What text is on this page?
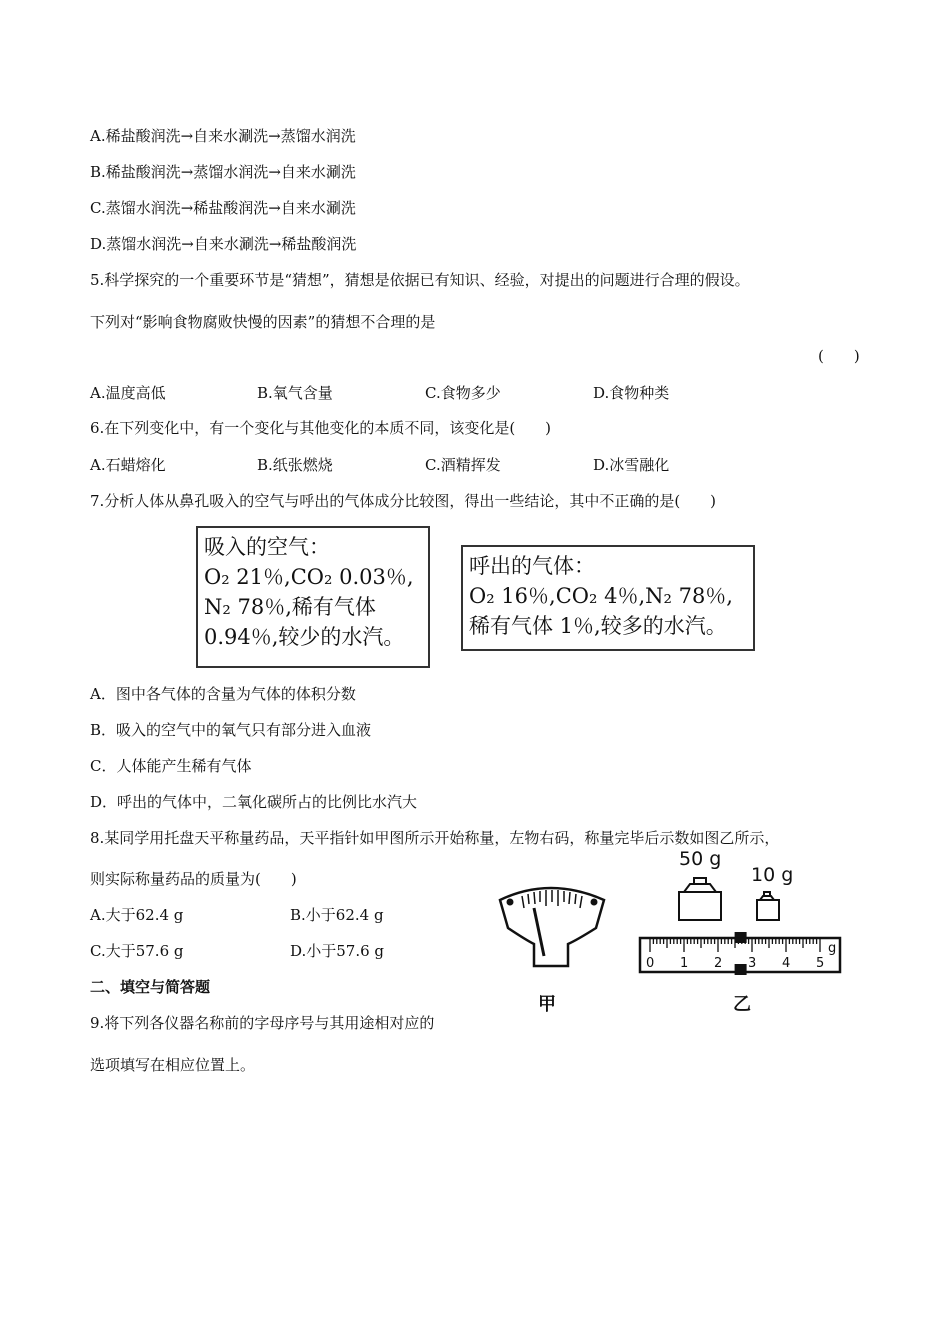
A.稀盐酸润洗→自来水涮洗→蒸馏水润洗
B.稀盐酸润洗→蒸馏水润洗→自来水涮洗
C.蒸馏水润洗→稀盐酸润洗→自来水涮洗
D.蒸馏水润洗→自来水涮洗→稀盐酸润洗
5.科学探究的一个重要环节是“猜想”，猜想是依据已有知识、经验，对提出的问题进行合理的假设。
下列对“影响食物腐败快慢的因素”的猜想不合理的是
(　　)
A.温度高低	B.氧气含量	C.食物多少	D.食物种类
6.在下列变化中，有一个变化与其他变化的本质不同，该变化是(　　)
A.石蜡熔化	B.纸张燃烧	C.酒精挥发	D.冰雪融化
7.分析人体从鼻孔吸入的空气与呼出的气体成分比较图，得出一些结论，其中不正确的是(　　)
吸入的空气：
O₂ 21％,CO₂ 0.03％,
N₂ 78％,稀有气体
0.94％,较少的水汽。
呼出的气体：
O₂ 16％,CO₂ 4％,N₂ 78％,
稀有气体 1％,较多的水汽。
A．图中各气体的含量为气体的体积分数
B．吸入的空气中的氧气只有部分进入血液
C．人体能产生稀有气体
D．呼出的气体中，二氧化碳所占的比例比水汽大
8.某同学用托盘天平称量药品，天平指针如甲图所示开始称量，左物右码，称量完毕后示数如图乙所示，
则实际称量药品的质量为(　　)
A.大于62.4 g	B.小于62.4 g
C.大于57.6 g	D.小于57.6 g
甲
50 g
10 g
0 1 2 3 4 5
g
乙
二、填空与简答题
9.将下列各仪器名称前的字母序号与其用途相对应的
选项填写在相应位置上。
